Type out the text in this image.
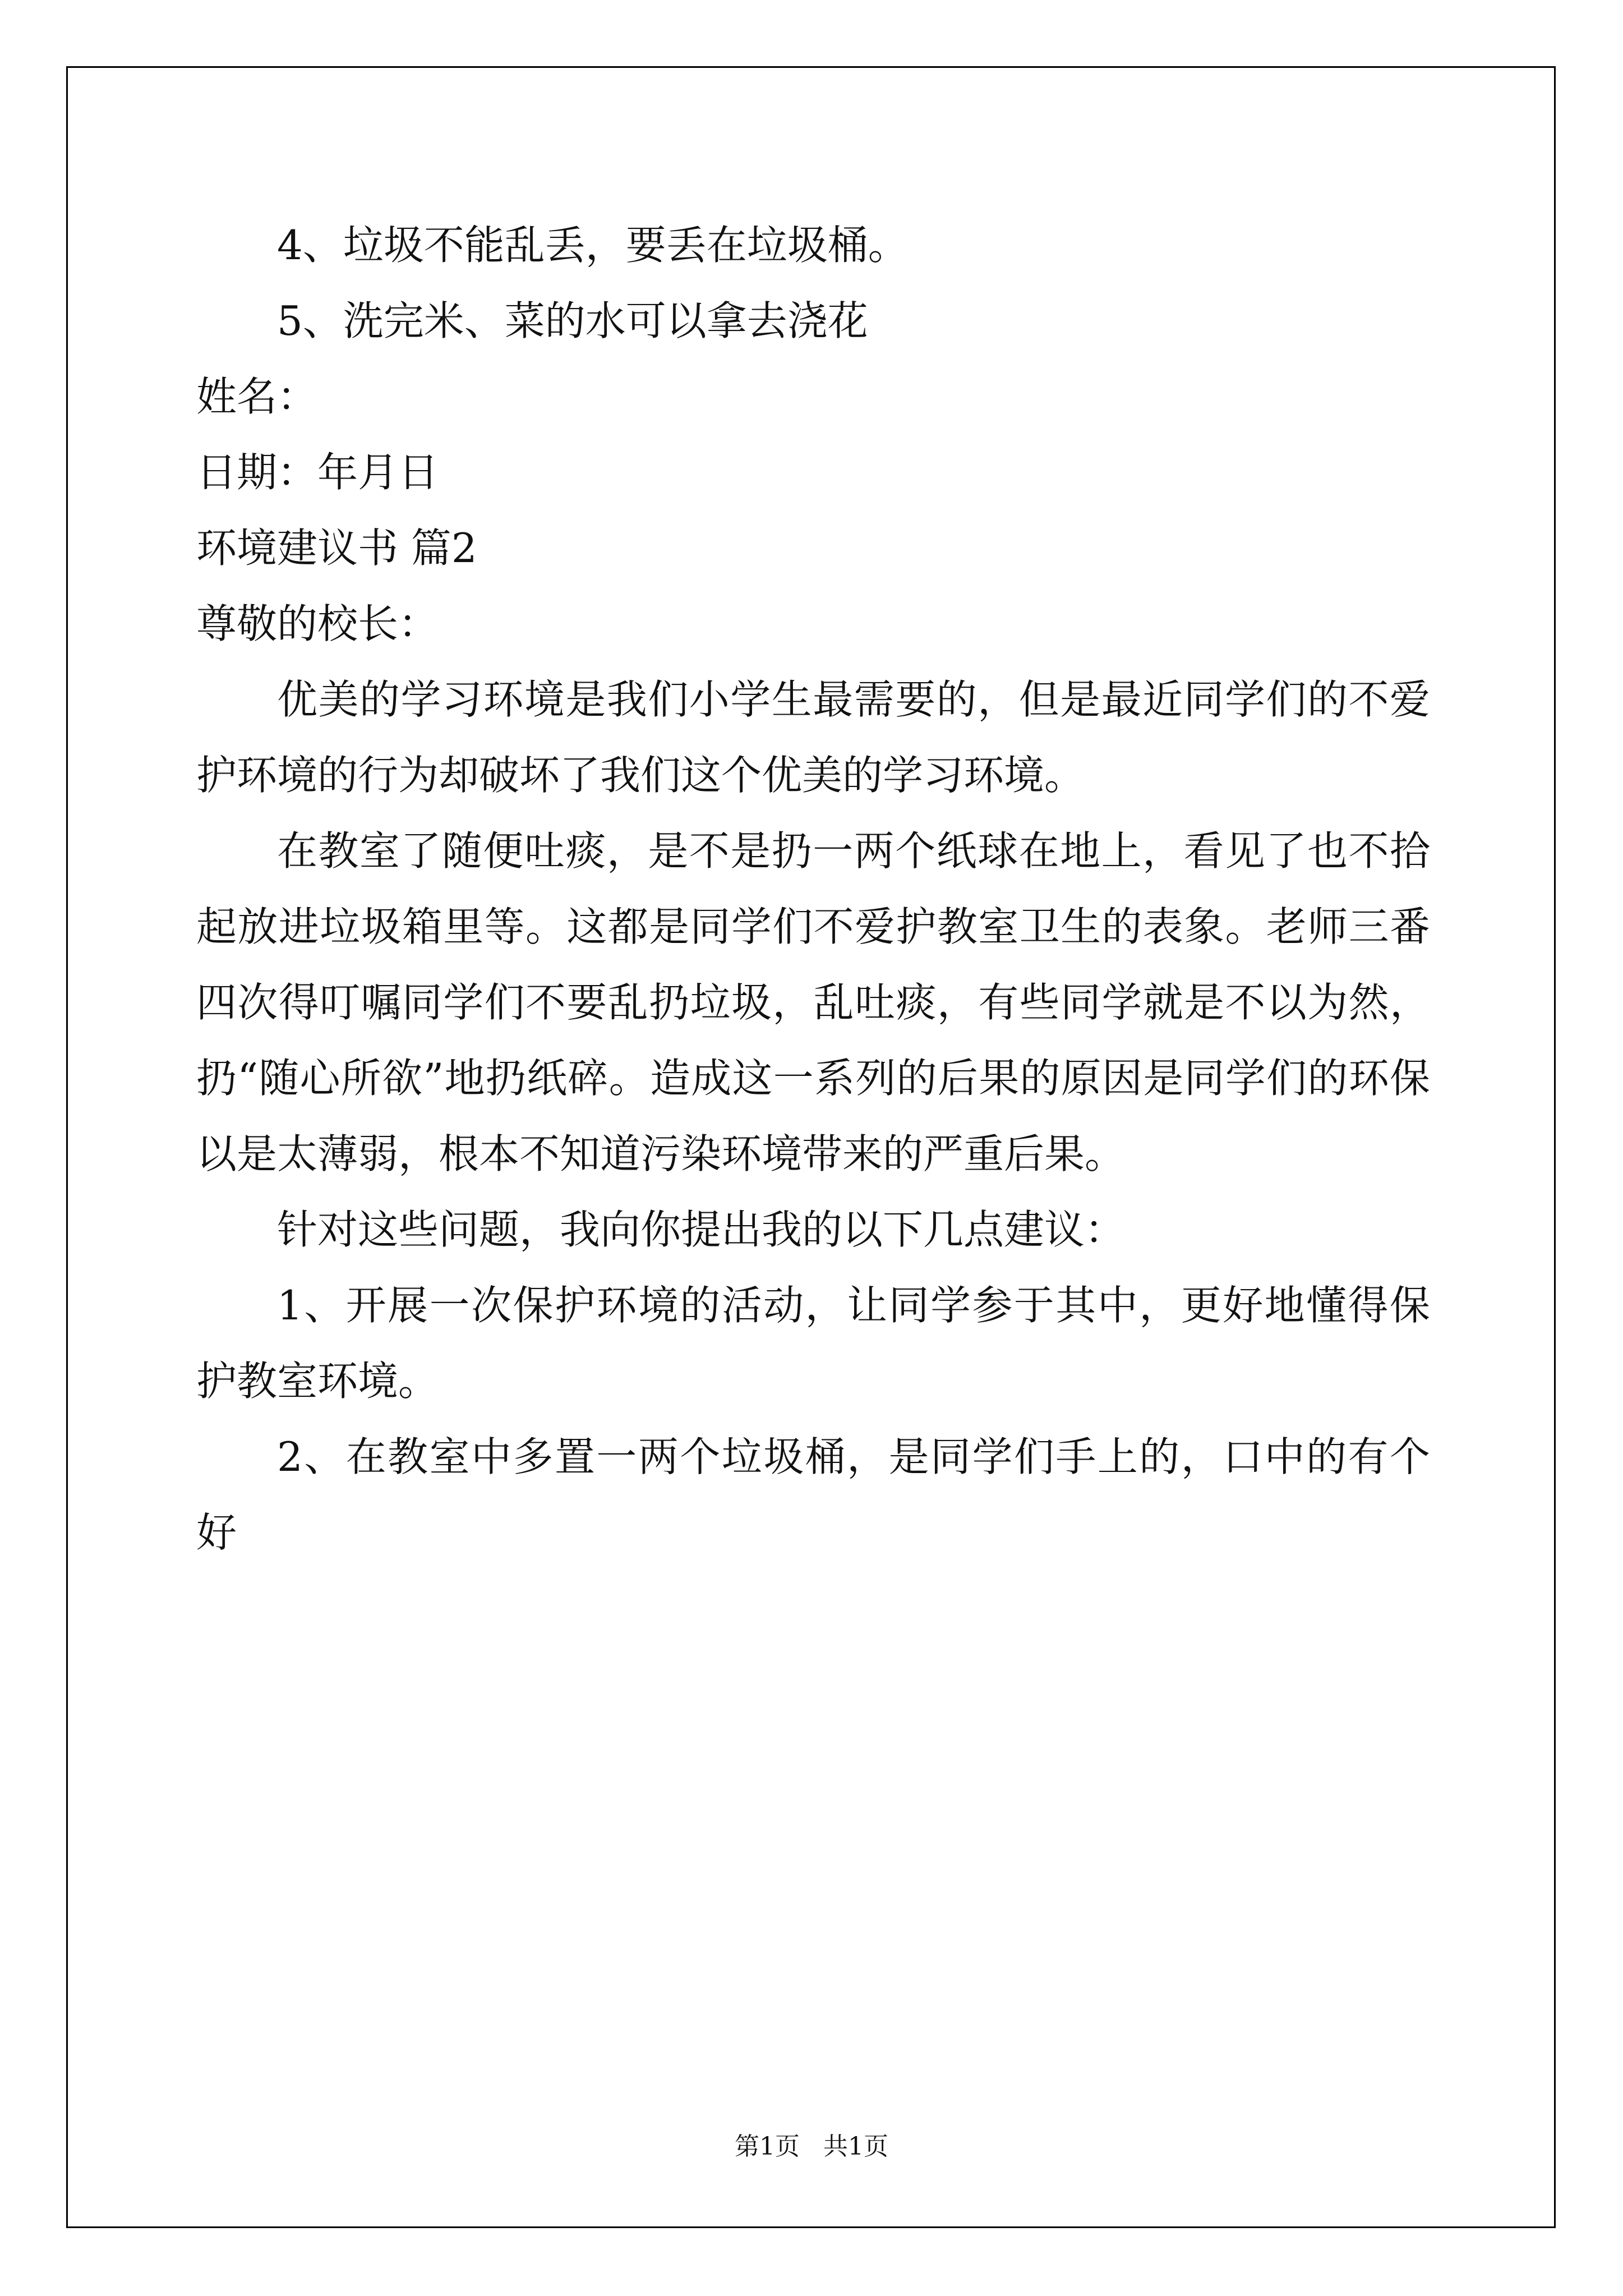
4、垃圾不能乱丢，要丢在垃圾桶。
5、洗完米、菜的水可以拿去浇花
姓名：
日期：年月日
环境建议书 篇2
尊敬的校长：

优美的学习环境是我们小学生最需要的，但是最近同学们的不爱护环境的行为却破坏了我们这个优美的学习环境。

在教室了随便吐痰，是不是扔一两个纸球在地上，看见了也不拾起放进垃圾箱里等。这都是同学们不爱护教室卫生的表象。老师三番四次得叮嘱同学们不要乱扔垃圾，乱吐痰，有些同学就是不以为然，扔“随心所欲”地扔纸碎。造成这一系列的后果的原因是同学们的环保以是太薄弱，根本不知道污染环境带来的严重后果。

针对这些问题，我向你提出我的以下几点建议：

1、开展一次保护环境的活动，让同学参于其中，更好地懂得保护教室环境。

2、在教室中多置一两个垃圾桶，是同学们手上的，口中的有个好

第1页 共1页
